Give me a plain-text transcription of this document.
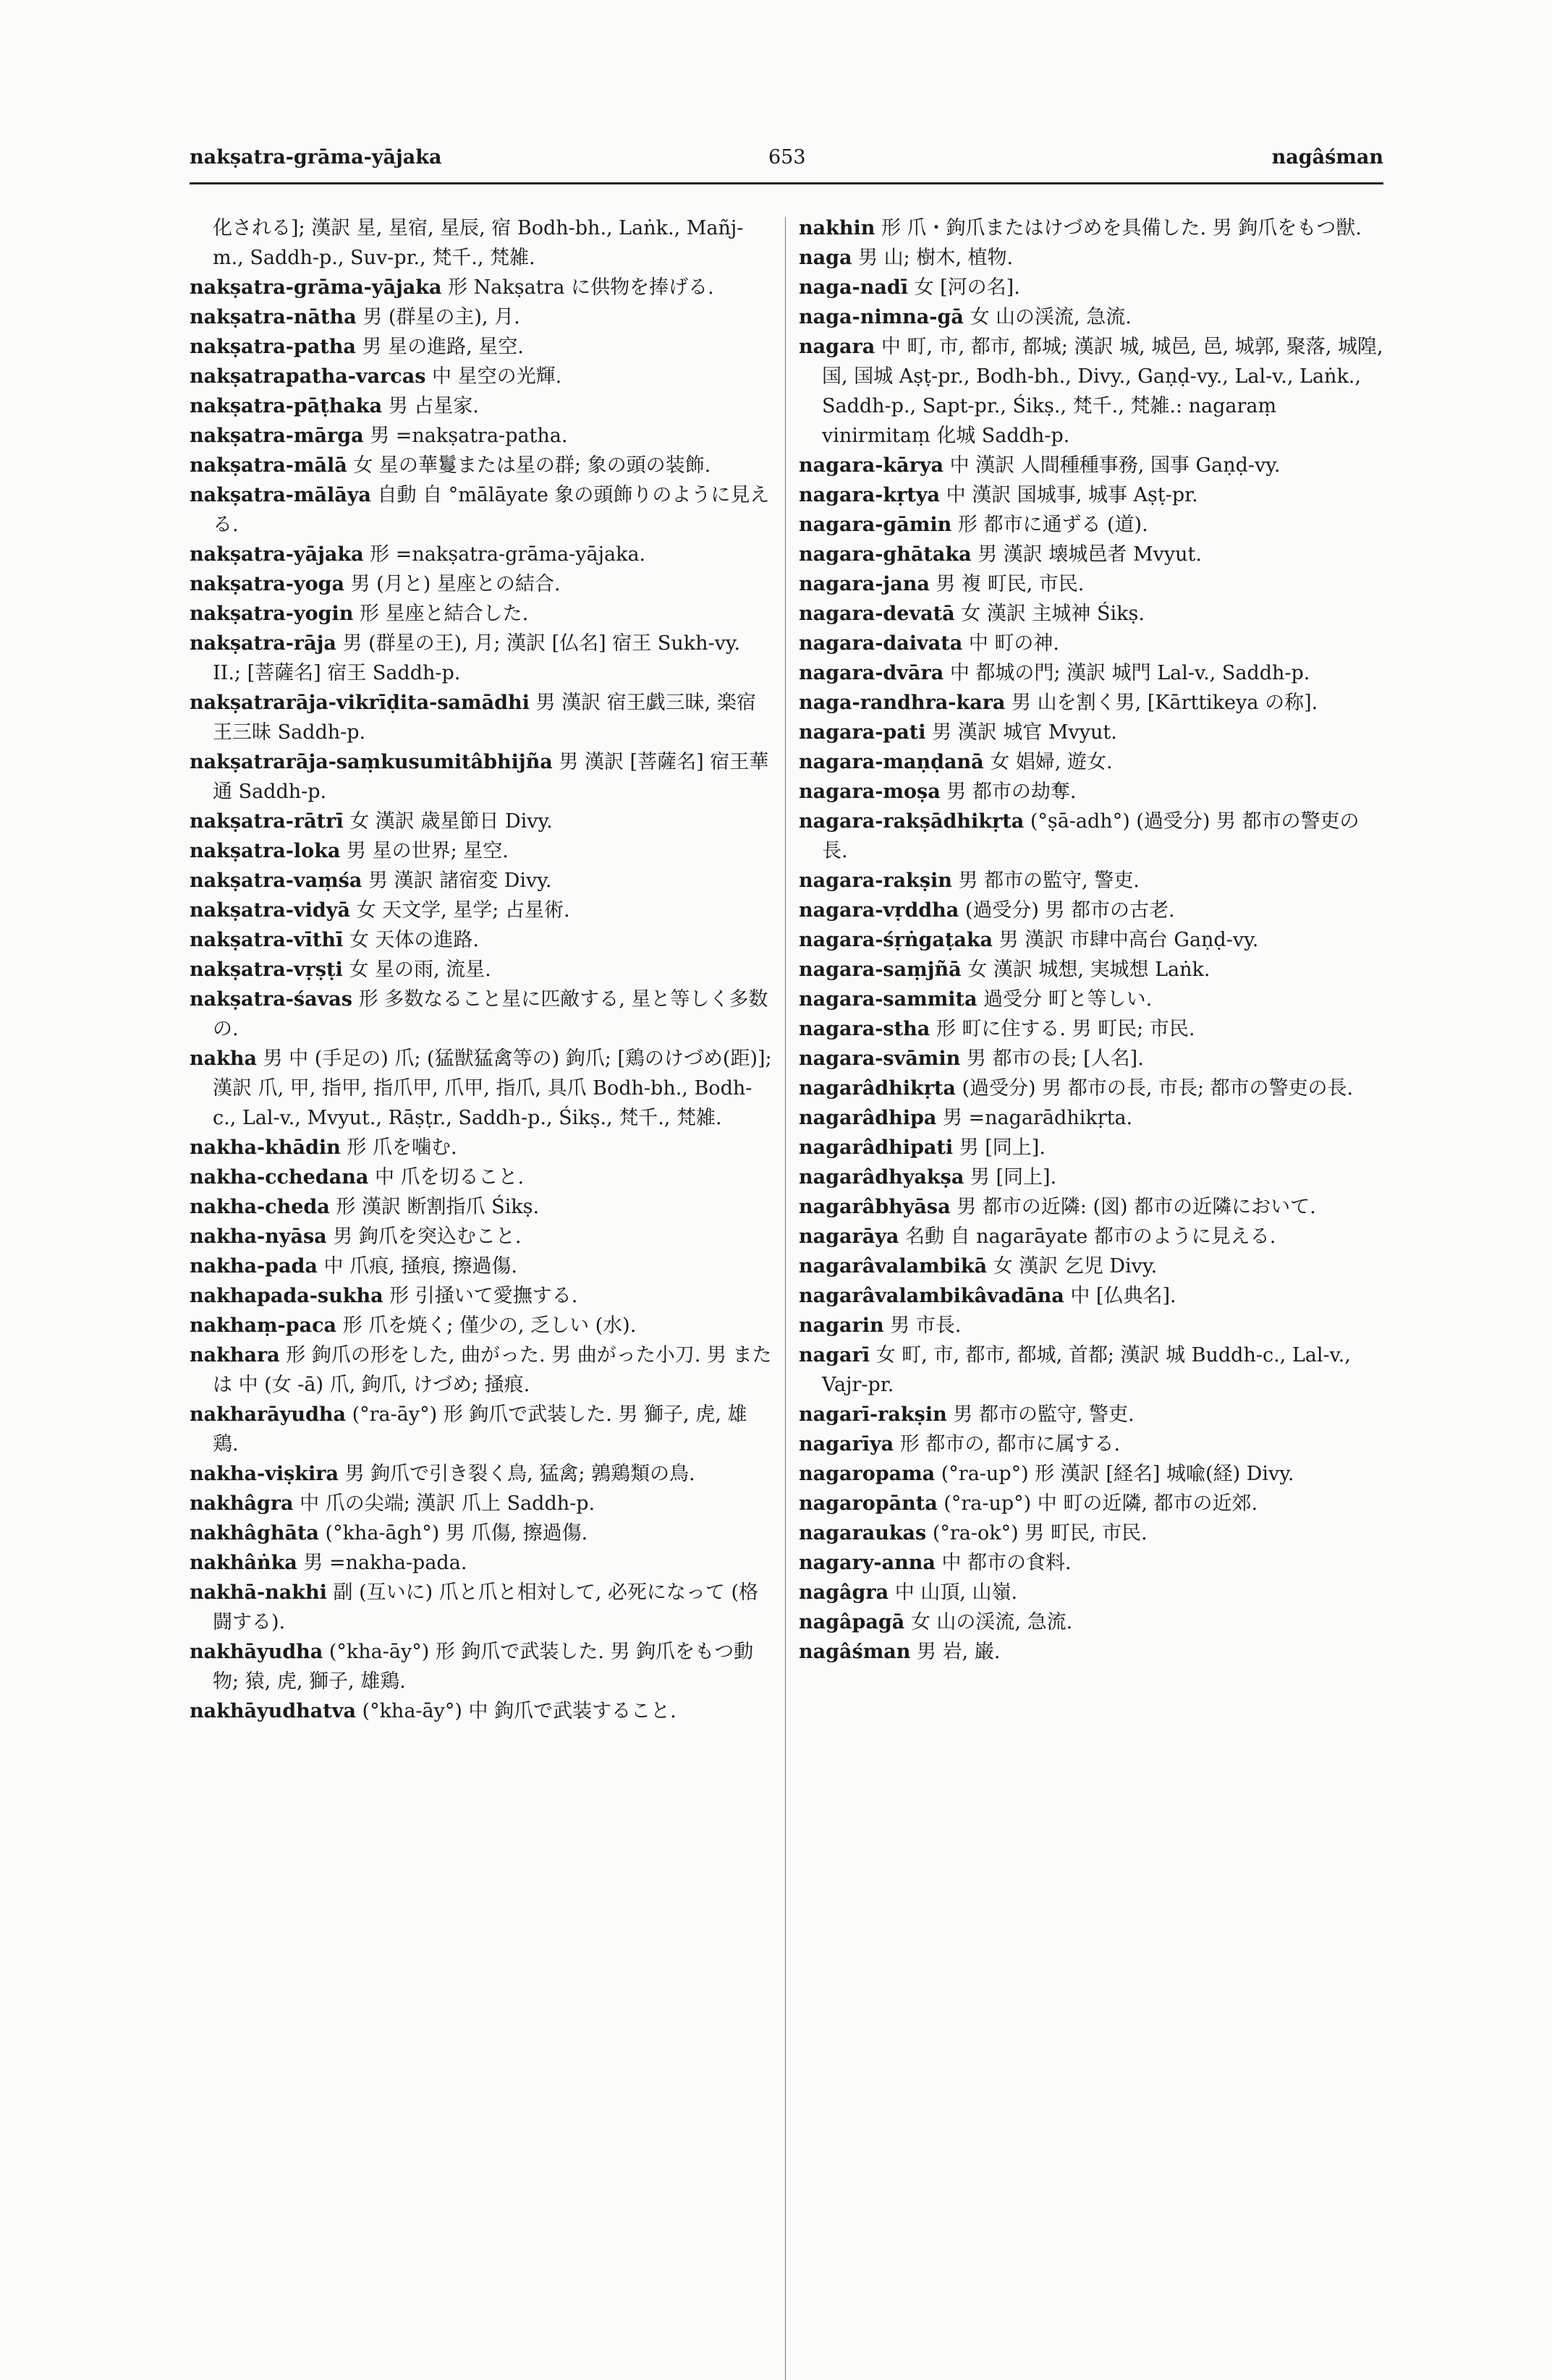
nakṣatra-grāma-yājaka	653	nagâśman

化される]; 漢訳 星, 星宿, 星辰, 宿 Bodh-bh., Laṅk., Mañj-m., Saddh-p., Suv-pr., 梵千., 梵雑.

nakṣatra-grāma-yājaka 形 Nakṣatra に供物を捧げる.

nakṣatra-nātha 男 (群星の主), 月.

nakṣatra-patha 男 星の進路, 星空.

nakṣatrapatha-varcas 中 星空の光輝.

nakṣatra-pāṭhaka 男 占星家.

nakṣatra-mārga 男 =nakṣatra-patha.

nakṣatra-mālā 女 星の華鬘または星の群; 象の頭の装飾.

nakṣatra-mālāya 自動 自 °mālāyate 象の頭飾りのように見える.

nakṣatra-yājaka 形 =nakṣatra-grāma-yājaka.

nakṣatra-yoga 男 (月と) 星座との結合.

nakṣatra-yogin 形 星座と結合した.

nakṣatra-rāja 男 (群星の王), 月; 漢訳 [仏名] 宿王 Sukh-vy. II.; [菩薩名] 宿王 Saddh-p.

nakṣatrarāja-vikrīḍita-samādhi 男 漢訳 宿王戯三昧, 楽宿王三昧 Saddh-p.

nakṣatrarāja-saṃkusumitâbhijña 男 漢訳 [菩薩名] 宿王華通 Saddh-p.

nakṣatra-rātrī 女 漢訳 歳星節日 Divy.

nakṣatra-loka 男 星の世界; 星空.

nakṣatra-vaṃśa 男 漢訳 諸宿変 Divy.

nakṣatra-vidyā 女 天文学, 星学; 占星術.

nakṣatra-vīthī 女 天体の進路.

nakṣatra-vṛṣṭi 女 星の雨, 流星.

nakṣatra-śavas 形 多数なること星に匹敵する, 星と等しく多数の.

nakha 男 中 (手足の) 爪; (猛獣猛禽等の) 鉤爪; [鶏のけづめ(距)]; 漢訳 爪, 甲, 指甲, 指爪甲, 爪甲, 指爪, 具爪 Bodh-bh., Bodh-c., Lal-v., Mvyut., Rāṣṭr., Saddh-p., Śikṣ., 梵千., 梵雑.

nakha-khādin 形 爪を噛む.

nakha-cchedana 中 爪を切ること.

nakha-cheda 形 漢訳 断割指爪 Śikṣ.

nakha-nyāsa 男 鉤爪を突込むこと.

nakha-pada 中 爪痕, 掻痕, 擦過傷.

nakhapada-sukha 形 引掻いて愛撫する.

nakhaṃ-paca 形 爪を焼く; 僅少の, 乏しい (水).

nakhara 形 鉤爪の形をした, 曲がった. 男 曲がった小刀. 男 または 中 (女 -ā) 爪, 鉤爪, けづめ; 掻痕.

nakharāyudha (°ra-āy°) 形 鉤爪で武装した. 男 獅子, 虎, 雄鶏.

nakha-viṣkira 男 鉤爪で引き裂く鳥, 猛禽; 鶉鶏類の鳥.

nakhâgra 中 爪の尖端; 漢訳 爪上 Saddh-p.

nakhâghāta (°kha-āgh°) 男 爪傷, 擦過傷.

nakhâṅka 男 =nakha-pada.

nakhā-nakhi 副 (互いに) 爪と爪と相対して, 必死になって (格闘する).

nakhāyudha (°kha-āy°) 形 鉤爪で武装した. 男 鉤爪をもつ動物; 猿, 虎, 獅子, 雄鶏.

nakhāyudhatva (°kha-āy°) 中 鉤爪で武装すること.

nakhin 形 爪・鉤爪またはけづめを具備した. 男 鉤爪をもつ獣.

naga 男 山; 樹木, 植物.

naga-nadī 女 [河の名].

naga-nimna-gā 女 山の渓流, 急流.

nagara 中 町, 市, 都市, 都城; 漢訳 城, 城邑, 邑, 城郭, 聚落, 城隍, 国, 国城 Aṣṭ-pr., Bodh-bh., Divy., Gaṇḍ-vy., Lal-v., Laṅk., Saddh-p., Sapt-pr., Śikṣ., 梵千., 梵雑.: nagaraṃ vinirmitaṃ 化城 Saddh-p.

nagara-kārya 中 漢訳 人間種種事務, 国事 Gaṇḍ-vy.

nagara-kṛtya 中 漢訳 国城事, 城事 Aṣṭ-pr.

nagara-gāmin 形 都市に通ずる (道).

nagara-ghātaka 男 漢訳 壊城邑者 Mvyut.

nagara-jana 男 複 町民, 市民.

nagara-devatā 女 漢訳 主城神 Śikṣ.

nagara-daivata 中 町の神.

nagara-dvāra 中 都城の門; 漢訳 城門 Lal-v., Saddh-p.

naga-randhra-kara 男 山を割く男, [Kārttikeya の称].

nagara-pati 男 漢訳 城官 Mvyut.

nagara-maṇḍanā 女 娼婦, 遊女.

nagara-moṣa 男 都市の劫奪.

nagara-rakṣādhikṛta (°ṣā-adh°) (過受分) 男 都市の警吏の長.

nagara-rakṣin 男 都市の監守, 警吏.

nagara-vṛddha (過受分) 男 都市の古老.

nagara-śṛṅgaṭaka 男 漢訳 市肆中高台 Gaṇḍ-vy.

nagara-saṃjñā 女 漢訳 城想, 実城想 Laṅk.

nagara-sammita 過受分 町と等しい.

nagara-stha 形 町に住する. 男 町民; 市民.

nagara-svāmin 男 都市の長; [人名].

nagarâdhikṛta (過受分) 男 都市の長, 市長; 都市の警吏の長.

nagarâdhipa 男 =nagarādhikṛta.

nagarâdhipati 男 [同上].

nagarâdhyakṣa 男 [同上].

nagarâbhyāsa 男 都市の近隣: (図) 都市の近隣において.

nagarāya 名動 自 nagarāyate 都市のように見える.

nagarâvalambikā 女 漢訳 乞児 Divy.

nagarâvalambikâvadāna 中 [仏典名].

nagarin 男 市長.

nagarī 女 町, 市, 都市, 都城, 首都; 漢訳 城 Buddh-c., Lal-v., Vajr-pr.

nagarī-rakṣin 男 都市の監守, 警吏.

nagarīya 形 都市の, 都市に属する.

nagaropama (°ra-up°) 形 漢訳 [経名] 城喩(経) Divy.

nagaropānta (°ra-up°) 中 町の近隣, 都市の近郊.

nagaraukas (°ra-ok°) 男 町民, 市民.

nagary-anna 中 都市の食料.

nagâgra 中 山頂, 山嶺.

nagâpagā 女 山の渓流, 急流.

nagâśman 男 岩, 巌.
